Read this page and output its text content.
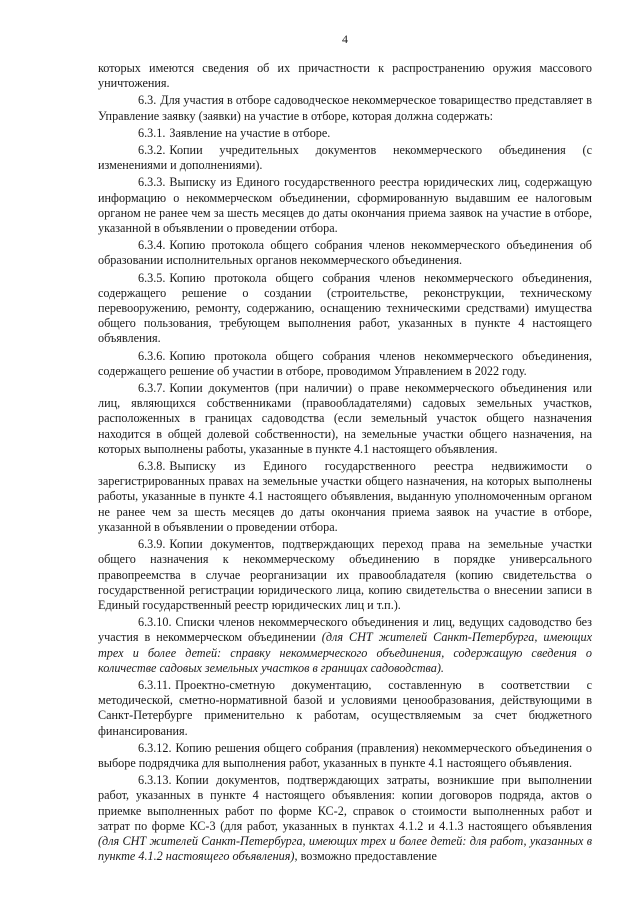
4

которых имеются сведения об их причастности к распространению оружия массового уничтожения.

6.3. Для участия в отборе садоводческое некоммерческое товарищество представляет в Управление заявку (заявки) на участие в отборе, которая должна содержать:

6.3.1. Заявление на участие в отборе.

6.3.2. Копии учредительных документов некоммерческого объединения (с изменениями и дополнениями).

6.3.3. Выписку из Единого государственного реестра юридических лиц, содержащую информацию о некоммерческом объединении, сформированную выдавшим ее налоговым органом не ранее чем за шесть месяцев до даты окончания приема заявок на участие в отборе, указанной в объявлении о проведении отбора.

6.3.4. Копию протокола общего собрания членов некоммерческого объединения об образовании исполнительных органов некоммерческого объединения.

6.3.5. Копию протокола общего собрания членов некоммерческого объединения, содержащего решение о создании (строительстве, реконструкции, техническому перевооружению, ремонту, содержанию, оснащению техническими средствами) имущества общего пользования, требующем выполнения работ, указанных в пункте 4 настоящего объявления.

6.3.6. Копию протокола общего собрания членов некоммерческого объединения, содержащего решение об участии в отборе, проводимом Управлением в 2022 году.

6.3.7. Копии документов (при наличии) о праве некоммерческого объединения или лиц, являющихся собственниками (правообладателями) садовых земельных участков, расположенных в границах садоводства (если земельный участок общего назначения находится в общей долевой собственности), на земельные участки общего назначения, на которых выполнены работы, указанные в пункте 4.1 настоящего объявления.

6.3.8. Выписку из Единого государственного реестра недвижимости о зарегистрированных правах на земельные участки общего назначения, на которых выполнены работы, указанные в пункте 4.1 настоящего объявления, выданную уполномоченным органом не ранее чем за шесть месяцев до даты окончания приема заявок на участие в отборе, указанной в объявлении о проведении отбора.

6.3.9. Копии документов, подтверждающих переход права на земельные участки общего назначения к некоммерческому объединению в порядке универсального правопреемства в случае реорганизации их правообладателя (копию свидетельства о государственной регистрации юридического лица, копию свидетельства о внесении записи в Единый государственный реестр юридических лиц и т.п.).

6.3.10. Списки членов некоммерческого объединения и лиц, ведущих садоводство без участия в некоммерческом объединении (для СНТ жителей Санкт-Петербурга, имеющих трех и более детей: справку некоммерческого объединения, содержащую сведения о количестве садовых земельных участков в границах садоводства).

6.3.11. Проектно-сметную документацию, составленную в соответствии с методической, сметно-нормативной базой и условиями ценообразования, действующими в Санкт-Петербурге применительно к работам, осуществляемым за счет бюджетного финансирования.

6.3.12. Копию решения общего собрания (правления) некоммерческого объединения о выборе подрядчика для выполнения работ, указанных в пункте 4.1 настоящего объявления.

6.3.13. Копии документов, подтверждающих затраты, возникшие при выполнении работ, указанных в пункте 4 настоящего объявления: копии договоров подряда, актов о приемке выполненных работ по форме КС-2, справок о стоимости выполненных работ и затрат по форме КС-3 (для работ, указанных в пунктах 4.1.2 и 4.1.3 настоящего объявления (для СНТ жителей Санкт-Петербурга, имеющих трех и более детей: для работ, указанных в пункте 4.1.2 настоящего объявления), возможно предоставление
